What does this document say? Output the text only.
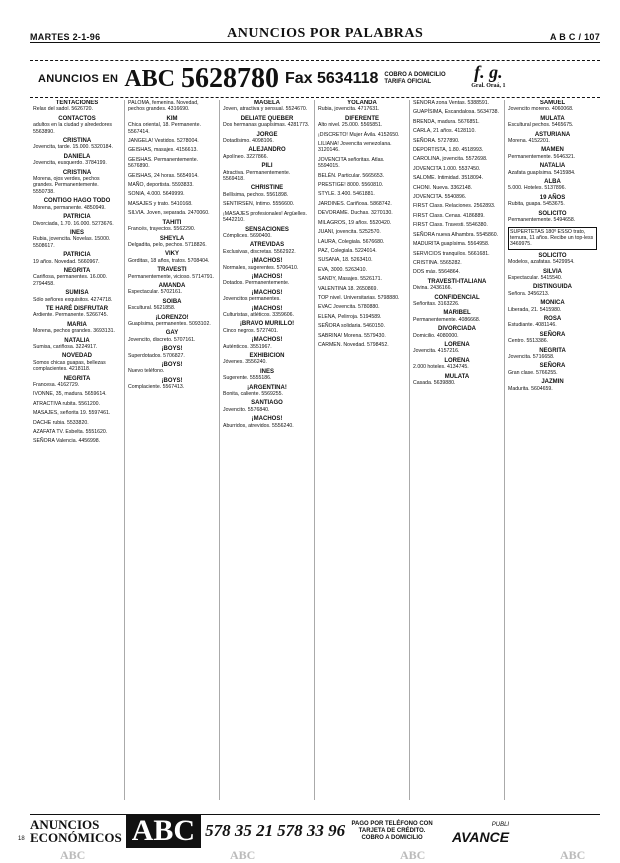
MARTES 2-1-96	ANUNCIOS POR PALABRAS	A B C / 107
ANUNCIOS EN ABC 5628780 Fax 5634118 COBRO A DOMICILIO TARIFA OFICIAL	f. g.
Gral. Oraá, 1
TENTACIONES
Relax del sadol. 5626720.
CONTACTOS
adultos en la ciudad y alrededores 5563890.
CRISTINA
Jovencita, tarde. 15.000. 5320184.
DANIELA
Jovencita, eusquerdo. 3784199.
CRISTINA
Morena, ojos verdes, pechos grandes. Permanentemente. 5550738.
CONTIGO HAGO TODO
Morena, permanente. 4850949.
PATRICIA
Divorciada, 1.70. 16.000. 5273676.
INES
Rubia, jovencita. Novelas. 15000. 5508617.
PATRICIA
19 años. Novedad. 5660967.
NEGRITA
Cariñosa, permanentes. 16.000. 2794458.
SUMISA
Sólo señores exquisitos. 4274718.
TE HARÉ DISFRUTAR
Ardiente. Permanente. 5266745.
MARIA
Morena, pechos grandes. 3693131.
NATALIA
Sumisa, cariñosa. 3224917.
NOVEDAD
Somos chicas guapas, bellezas complacientes. 4218118.
NEGRITA
Francesa. 4162729.
IVONNE, 35, madura. 5659614.
ATRACTIVA rubita. 5561200.
MASAJES, señorita 19. 5597461.
DACHE rubia. 5533820.
AZAFATA TV. Esbelta. 5551620.
SEÑORA Valencia. 4456998.
PALOMA, femenina. Novedad, pechos grandes. 4316690.
KIM
Chica oriental, 18. Permanente. 5567414.
JANGELA! Vestidos. 5278004.
GEISHAS, masajes. 4156613.
GEISHAS. Permanentemente. 5676890.
GEISHAS, 24 horas. 5654914.
MAÑO, deportista. 5593833.
SONIA, 4.000. 5649999.
MASAJES y trato. 5410168.
SILVIA. Joven, separada. 2470060.
TAHITI
Francés, trayectos. 5562290.
SHEYLA
Delgadita, pelo, pechos. 5718826.
VIKY
Gorditas, 18 años, tratos. 5708404.
TRAVESTI
Permanentemente, vicioso. 5714791.
AMANDA
Espectacular. 5702161.
SOIBA
Escultural. 5621858.
¡LORENZO!
Guapísima, permanentes. 5093102.
GAY
Jovencito, discreto. 5707161.
¡BOYS!
Superdotados. 5706827.
¡BOYS!
Nuevo teléfono.
¡BOYS!
Complaciente. 5567413.
MAGELA
Joven, atractiva y sensual. 5524670.
DELIATE QUEBER
Dos hermanas guapísimas. 4281773.
JORGE
Dotadísimo. 4098106.
ALEJANDRO
Apolíneo. 3227866.
PILI
Atractiva. Permanentemente. 5569418.
CHRISTINE
Bellísima, pechos. 5561898.
SENTIRSEN, íntimo. 5556600.
¡MASAJES profesionales! Argüelles. 5442210.
SENSACIONES
Cómplices. 5690400.
ATREVIDAS
Exclusivas, discretas. 5562922.
¡MACHOS!
Normales, sugerentes. 5706410.
¡MACHOS!
Dotados. Permanentemente.
¡MACHOS!
Jovencitos permanentes.
¡MACHOS!
Culturistas, atléticos. 3359606.
¡BRAVO MURILLO!
Cinco negros. 5727401.
¡MACHOS!
Auténticos. 3551967.
EXHIBICION
Jóvenes. 3556240.
INES
Sugerente. 5555186.
¡ARGENTINA!
Bonita, caliente. 5569255.
SANTIAGO
Jovencito. 5576840.
¡MACHOS!
Aburridos, atrevidos. 5556240.
YOLANDA
Rubia, jovencita. 4717631.
DIFERENTE
Alto nivel. 25.000. 5565851.
¡DISCRETO! Mujer Ávila. 4152650.
LILIANA! Jovencita venezolana. 3120146.
JOVENCITA señoritas. Atlas. 5594015.
BELÉN. Particular. 5665653.
PRESTIGE! 8000. 5560810.
STYLE. 3.400. 5461881.
JARDINES. Cariñosa. 5868742.
DEVORAME. Duchas. 3270130.
MILAGROS, 19 años. 5520420.
JUANI, jovencita. 5252570.
LAURA, Colegiala. 5676680.
PAZ, Colegiala. 5224014.
SUSANA, 18. 5263410.
EVA, 3000. 5263410.
SANDY, Masajes. 5526171.
VALENTINA 18. 2650869.
TOP nivel. Universitarias. 5798880.
EVAC Jovencita. 5780880.
ELENA, Pelirroja. 5194589.
SEÑORA solidaria. 5460150.
SABRINA! Morena. 5579430.
CARMEN. Novedad. 5798452.
SEÑORA zona Ventas. 5388591.
GUAPÍSIMA, Escandalosa. 5634738.
BRENDA, madura. 5676851.
CARLA, 21 años. 4128110.
SEÑORA. 5727890.
DEPORTISTA, 1.80. 4518993.
CAROLINA, jovencita. 5572698.
JOVENCITA 1.000. 5537450.
SALOME. Intimidad. 3518094.
CHONI. Nueva. 3362148.
JOVENCITA. 5540896.
FIRST Class. Relaciones. 2562893.
FIRST Class. Cenas. 4186889.
FIRST Class. Travesti. 5546380.
SEÑORA nueva Alhambra. 5545860.
MADURITA guapísima. 5564958.
SERVICIOS tranquilos. 5661681.
CRISTINA. 5565282.
DOS más. 5564864.
TRAVESTI-ITALIANA
Divina. 2436166.
CONFIDENCIAL
Señoritas. 3163226.
MARIBEL
Permanentemente. 4086668.
DIVORCIADA
Domicilio. 4080000.
LORENA
Jovencita. 4157216.
LORENA
2.000 hoteles. 4134745.
MULATA
Casada. 5639880.
SAMUEL
Jovencito moreno. 4060068.
MULATA
Escultural pechos. 5465675.
ASTURIANA
Morena. 4152201.
MAMEN
Permanentemente. 5646321.
NATALIA
Azafata guapísima. 5415984.
ALBA
5.000. Hoteles. 5137896.
19 AÑOS
Rubita, guapa. 5453675.
SOLICITO
Permanentemente. 5494658.
SUPERTETAS 180º ESSO trato, ternura, 11 años. Recibe un top-less 3469975.
SOLICITO
Modelos, azafatas. 5429954.
SILVIA
Espectacular. 5415540.
DISTINGUIDA
Señora. 3456213.
MONICA
Liberada, 21. 5415980.
ROSA
Estudiante. 4081146.
SEÑORA
Centro. 5513386.
NEGRITA
Jovencita. 5716658.
SEÑORA
Gran clase. 5766255.
JAZMIN
Madurita. 5604659.
ANUNCIOS
ECONÓMICOS ABC 578 35 21 578 33 96	PAGO POR TELÉFONO CON TARJETA DE CRÉDITO. COBRO A DOMICILIO
PUBLI
AVANCE
18
ABC	ABC	ABC	ABC
